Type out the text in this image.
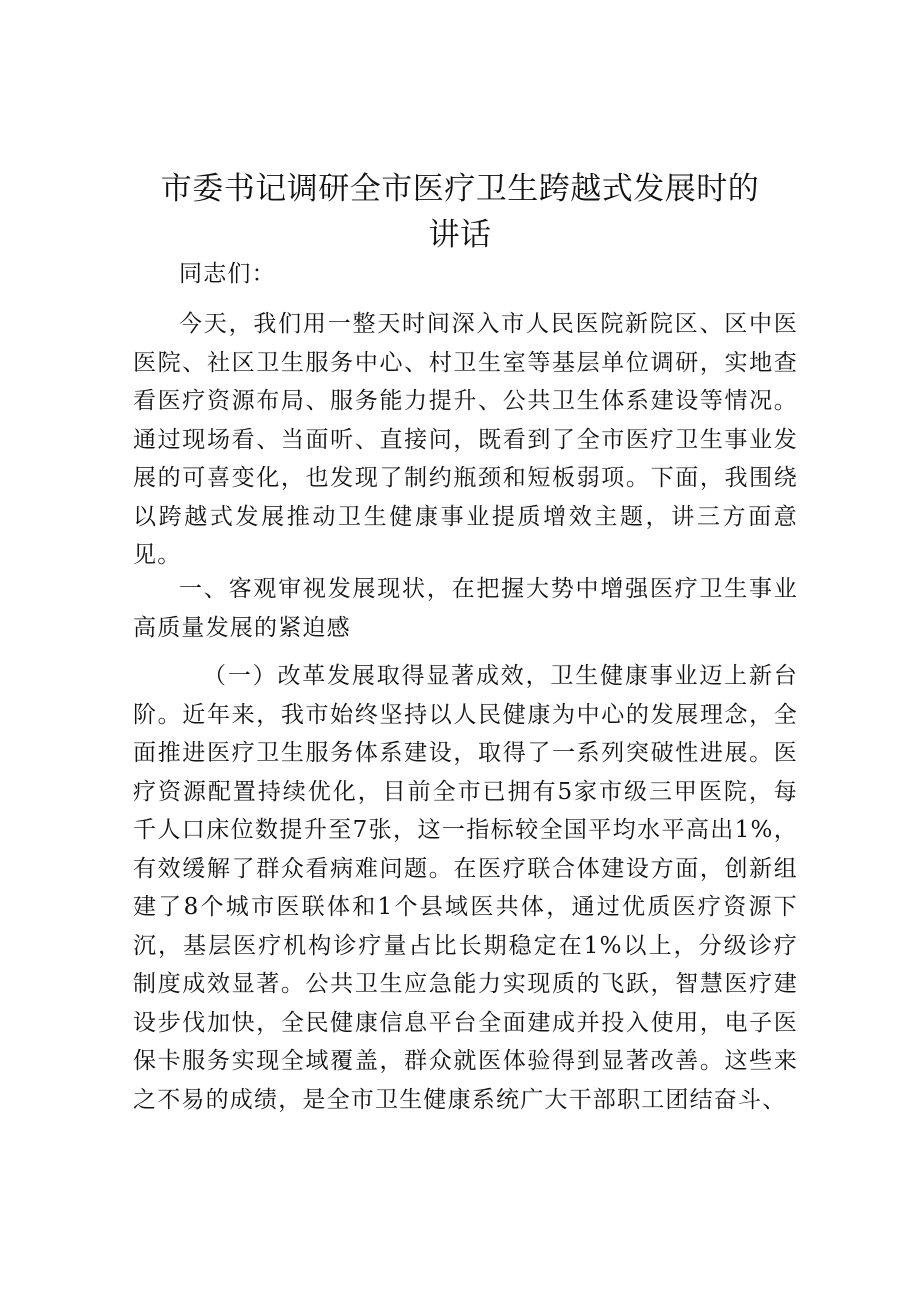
市委书记调研全市医疗卫生跨越式发展时的讲话

同志们：

今天，我们用一整天时间深入市人民医院新院区、区中医医院、社区卫生服务中心、村卫生室等基层单位调研，实地查看医疗资源布局、服务能力提升、公共卫生体系建设等情况。通过现场看、当面听、直接问，既看到了全市医疗卫生事业发展的可喜变化，也发现了制约瓶颈和短板弱项。下面，我围绕以跨越式发展推动卫生健康事业提质增效主题，讲三方面意见。

一、客观审视发展现状，在把握大势中增强医疗卫生事业高质量发展的紧迫感

（一）改革发展取得显著成效，卫生健康事业迈上新台阶。近年来，我市始终坚持以人民健康为中心的发展理念，全面推进医疗卫生服务体系建设，取得了一系列突破性进展。医疗资源配置持续优化，目前全市已拥有5家市级三甲医院，每千人口床位数提升至7张，这一指标较全国平均水平高出1%，有效缓解了群众看病难问题。在医疗联合体建设方面，创新组建了8个城市医联体和1个县域医共体，通过优质医疗资源下沉，基层医疗机构诊疗量占比长期稳定在1%以上，分级诊疗制度成效显著。公共卫生应急能力实现质的飞跃，智慧医疗建设步伐加快，全民健康信息平台全面建成并投入使用，电子医保卡服务实现全域覆盖，群众就医体验得到显著改善。这些来之不易的成绩，是全市卫生健康系统广大干部职工团结奋斗、
